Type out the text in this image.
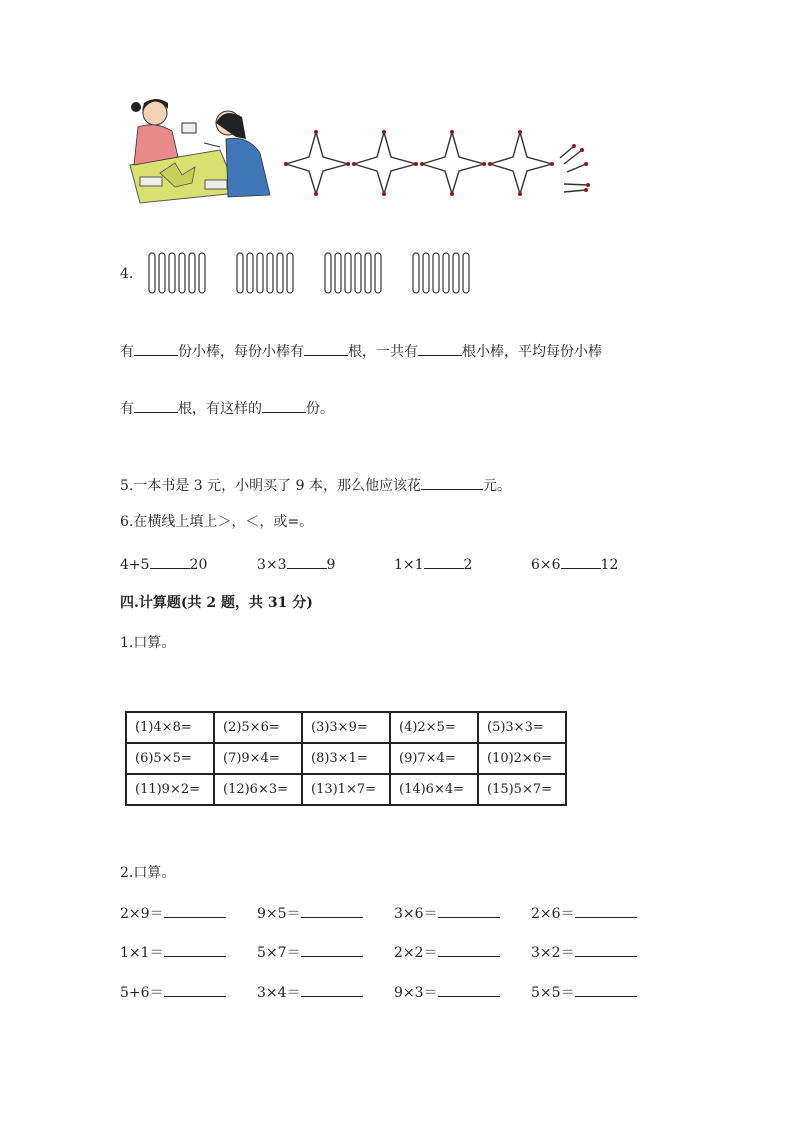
4.
有	份小棒，每份小棒有	根，一共有	根小棒，平均每份小棒
有	根，有这样的	份。
5.一本书是 3 元，小明买了 9 本，那么他应该花	元。
6.在横线上填上＞，＜，或=。
4+5	20	3×3	9	1×1	2	6×6	12
四.计算题(共 2 题，共 31 分)
1.口算。
(1)4×8=	(2)5×6=	(3)3×9=	(4)2×5=	(5)3×3=
(6)5×5=	(7)9×4=	(8)3×1=	(9)7×4=	(10)2×6=
(11)9×2=	(12)6×3=	(13)1×7=	(14)6×4=	(15)5×7=
2.口算。
2×9＝	9×5＝	3×6＝	2×6＝
1×1＝	5×7＝	2×2＝	3×2＝
5+6＝	3×4＝	9×3＝	5×5＝
